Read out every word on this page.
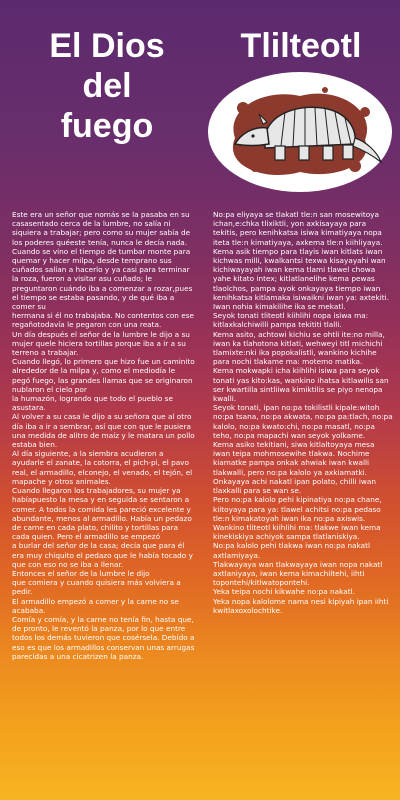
El Dios
del
fuego
Tlilteotl

Este era un señor que nomás se la pasaba en su casasentado cerca de la lumbre, no salía ni siquiera a trabajar; pero como su mujer sabía de los poderes quéeste tenía, nunca le decía nada.

Cuando se vino el tiempo de tumbar monte para quemar y hacer milpa, desde temprano sus cuñados salían a hacerlo y ya casi para terminar la roza, fueron a visitar asu cuñado; le preguntaron cuándo iba a comenzar a rozar,pues el tiempo se estaba pasando, y de qué iba a comer su

hermana si él no trabajaba. No contentos con ese regañotodavía le pegaron con una reata.

Un día después el señor de la lumbre le dijo a su mujer quele hiciera tortillas porque iba a ir a su terreno a trabajar.

Cuando llegó, lo primero que hizo fue un caminito alrededor de la milpa y, como el mediodía le pegó fuego, las grandes llamas que se originaron nublaron el cielo por

la humazón, logrando que todo el pueblo se asustara.

Al volver a su casa le dijo a su señora que al otro día iba a ir a sembrar, así que con que le pusiera una medida de alitro de maíz y le matara un pollo estaba bien.

Al día siguiente, a la siembra acudieron a ayudarle el zanate, la cotorra, el pich-pi, el pavo real, el armadillo, elconejo, el venado, el tejón, el mapache y otros animales.

Cuando llegaron los trabajadores, su mujer ya habíapuesto la mesa y en seguida se sentaron a comer. A todos la comida les pareció excelente y abundante, menos al armadillo. Había un pedazo de carne en cada plato, chilito y tortillas para cada quien. Pero el armadillo se empezó

a burlar del señor de la casa; decía que para él era muy chiquito el pedazo que le había tocado y que con eso no se iba a llenar.

Entonces el señor de la lumbre le dijo

que comiera y cuando quisiera más volviera a pedir.

El armadillo empezó a comer y la carne no se acababa.

Comía y comía, y la carne no tenía fin, hasta que, de pronto, le reventó la panza, por lo que entre todos los demás tuvieron que cosérsela. Debido a eso es que los armadillos conservan unas arrugas parecidas a una cicatrizen la panza.

No:pa eliyaya se tlakatl tle:n san mosewitoya ichan,e:chka tlixiktli, yon axkisayaya para tekitis, pero kenihkatsa isiwa kimatiyaya nopa iteta tle:n kimatiyaya, axkema tle:n kiihliyaya.

Kema asik tiempo para tlayis iwan kitlats iwan kichwas milli, kwalkantsi texwa kisayayahi wan kichiwayayah iwan kema tlami tlawel chowa yahe kitato intex; kitlatlanelihe kema pewas tlaolchos, pampa ayok onkayaya tiempo iwan kenihkatsa kitlamaka isiwaikni iwan ya: axtekiti.

Iwan nohia kimakilihe ika se mekatl.

Seyok tonati tliteotl kiihlihi nopa isiwa ma: kitlaxkalchiwilli pampa tekititi tlalli.

Kema asito, achtowi kichiu se ohtli ite:no milla, iwan ka tlahotona kitlati, wehweyi titl michichi tlamixte:nki ika popokalistli, wankino kichihe para nochi tlakame ma: motemo matika.

Kema mokwapki icha kiihlihi isiwa para seyok tonati yas kito:kas, wankino ihatsa kitlawilis san ser kwartilla sintliiwa kimiktilis se piyo nenopa kwalli.

Seyok tonati, ipan no:pa tokilistli kipale:witoh no:pa tsana, no:pa akwata, no:pa pa:tlach, no:pa kalolo, no:pa kwato:chi, no:pa masatl, no:pa teho, no:pa mapachi wan seyok yolkame.

Kema asiko tekitiani, siwa kitlaltoyaya mesa iwan teipa mohmosewihe tlakwa. Nochime kiamatke pampa onkak ahwiak iwan kwalli tlakwalli, pero no:pa kalolo ya axkiamatki. Onkayaya achi nakatl ipan polato, chilli iwan tlaxkalli para se wan se.

Pero no:pa kalolo pehi kipinatiya no:pa chane, kiitoyaya para ya: tlawel achitsi no:pa pedaso tle:n kimakatoyah iwan ika no:pa axiswis. Wankino tliteotl kiihlihi ma: tlakwe iwan kema kinekiskiya achiyok sampa tlatlaniskiya.

No:pa kalolo pehi tlakwa iwan no:pa nakatl axtlamiyaya.

Tlakwayaya wan tlakwayaya iwan nopa nakatl axtlaniyaya, iwan kema kimachiltehi, iihti topontehi/kitlwatopontehi.

Yeka teipa nochi kikwahe no:pa nakatl.

Yeka nopa kalolome nama nesi kipiyah ipan iihti kwitlaxoxolochtike.
